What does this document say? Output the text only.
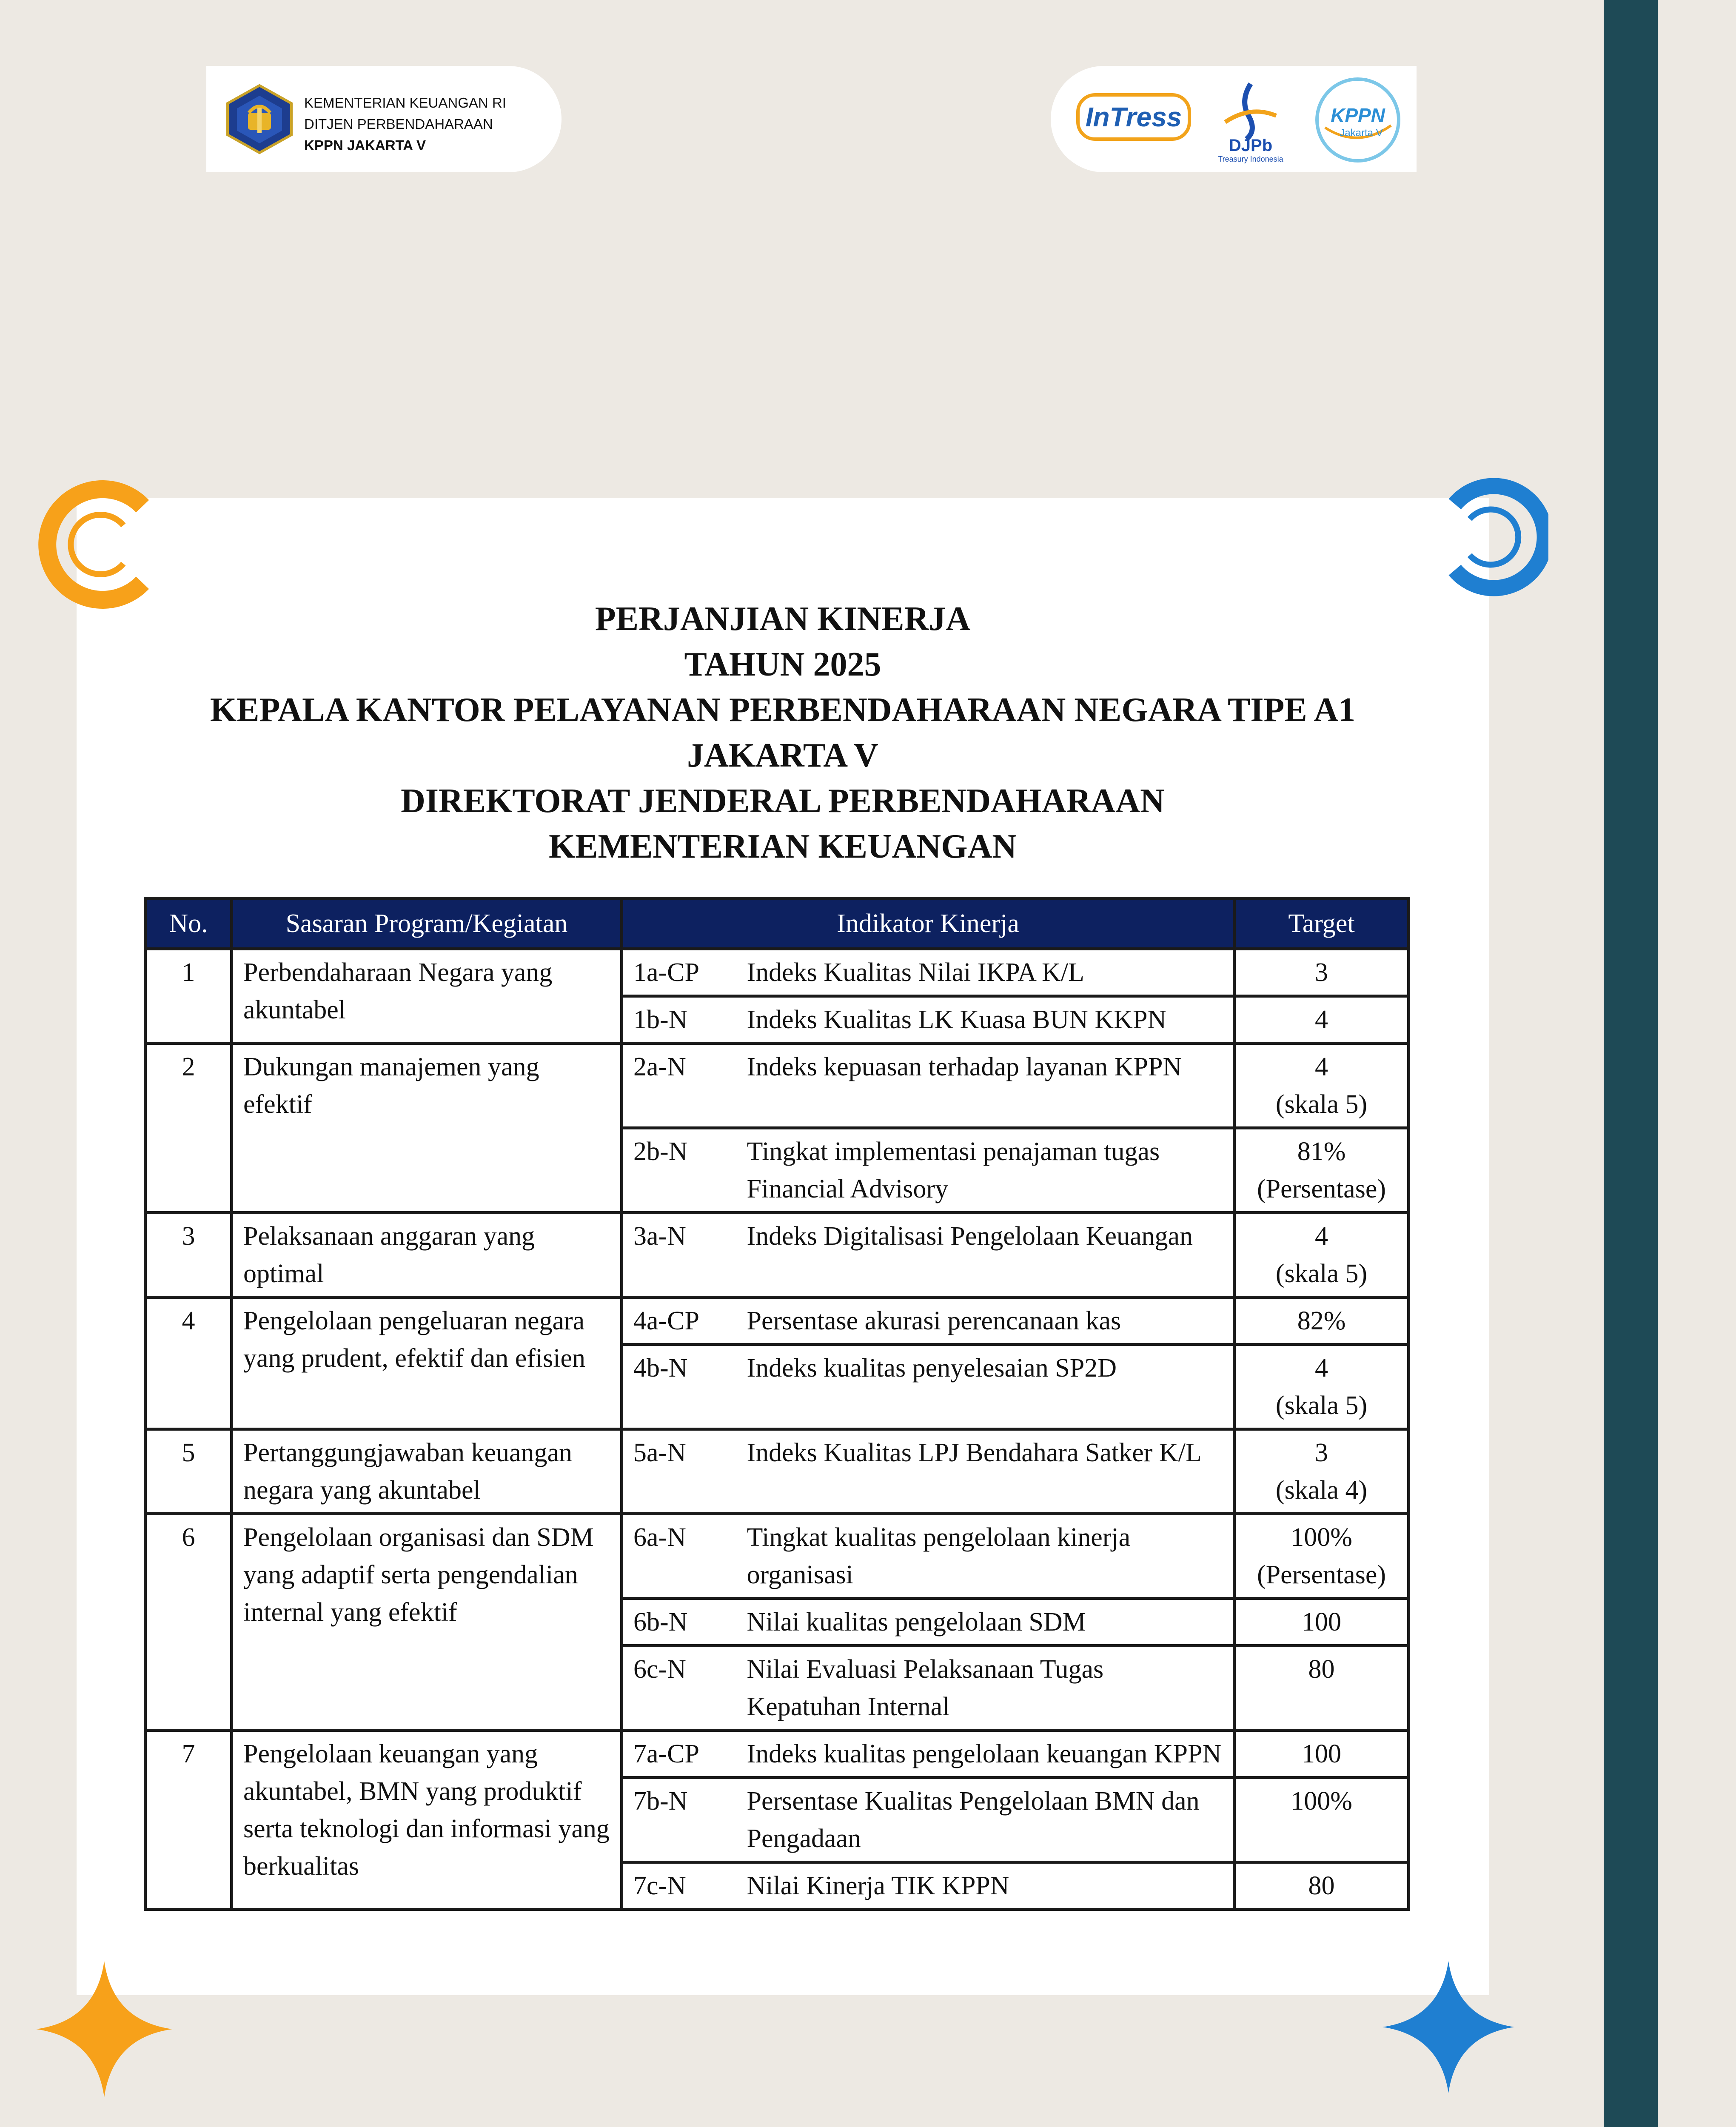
KEMENTERIAN KEUANGAN RI
DITJEN PERBENDAHARAAN
KPPN JAKARTA V
InTress
DJPb
Treasury Indonesia
KPPN
Jakarta V
PERJANJIAN KINERJA
TAHUN 2025
KEPALA KANTOR PELAYANAN PERBENDAHARAAN NEGARA TIPE A1
JAKARTA V
DIREKTORAT JENDERAL PERBENDAHARAAN
KEMENTERIAN KEUANGAN
No.	Sasaran Program/Kegiatan	Indikator Kinerja		Target
1	Perbendaharaan Negara yang akuntabel	1a-CP	Indeks Kualitas Nilai IKPA K/L	3

		1b-N	Indeks Kualitas LK Kuasa BUN KKPN	4

2	Dukungan manajemen yang efektif	2a-N	Indeks kepuasan terhadap layanan KPPN	4
(skala 5)

		2b-N	Tingkat implementasi penajaman tugas Financial Advisory	81%
(Persentase)

3	Pelaksanaan anggaran yang optimal	3a-N	Indeks Digitalisasi Pengelolaan Keuangan	4
(skala 5)

4	Pengelolaan pengeluaran negara yang prudent, efektif dan efisien	4a-CP	Persentase akurasi perencanaan kas	82%

		4b-N	Indeks kualitas penyelesaian SP2D	4
(skala 5)

5	Pertanggungjawaban keuangan negara yang akuntabel	5a-N	Indeks Kualitas LPJ Bendahara Satker K/L	3
(skala 4)

6	Pengelolaan organisasi dan SDM yang adaptif serta pengendalian internal yang efektif	6a-N	Tingkat kualitas pengelolaan kinerja organisasi	100%
(Persentase)

		6b-N	Nilai kualitas pengelolaan SDM	100

		6c-N	Nilai Evaluasi Pelaksanaan Tugas Kepatuhan Internal	80

7	Pengelolaan keuangan yang akuntabel, BMN yang produktif serta teknologi dan informasi yang berkualitas	7a-CP	Indeks kualitas pengelolaan keuangan KPPN	100

		7b-N	Persentase Kualitas Pengelolaan BMN dan Pengadaan	100%

		7c-N	Nilai Kinerja TIK KPPN	80
